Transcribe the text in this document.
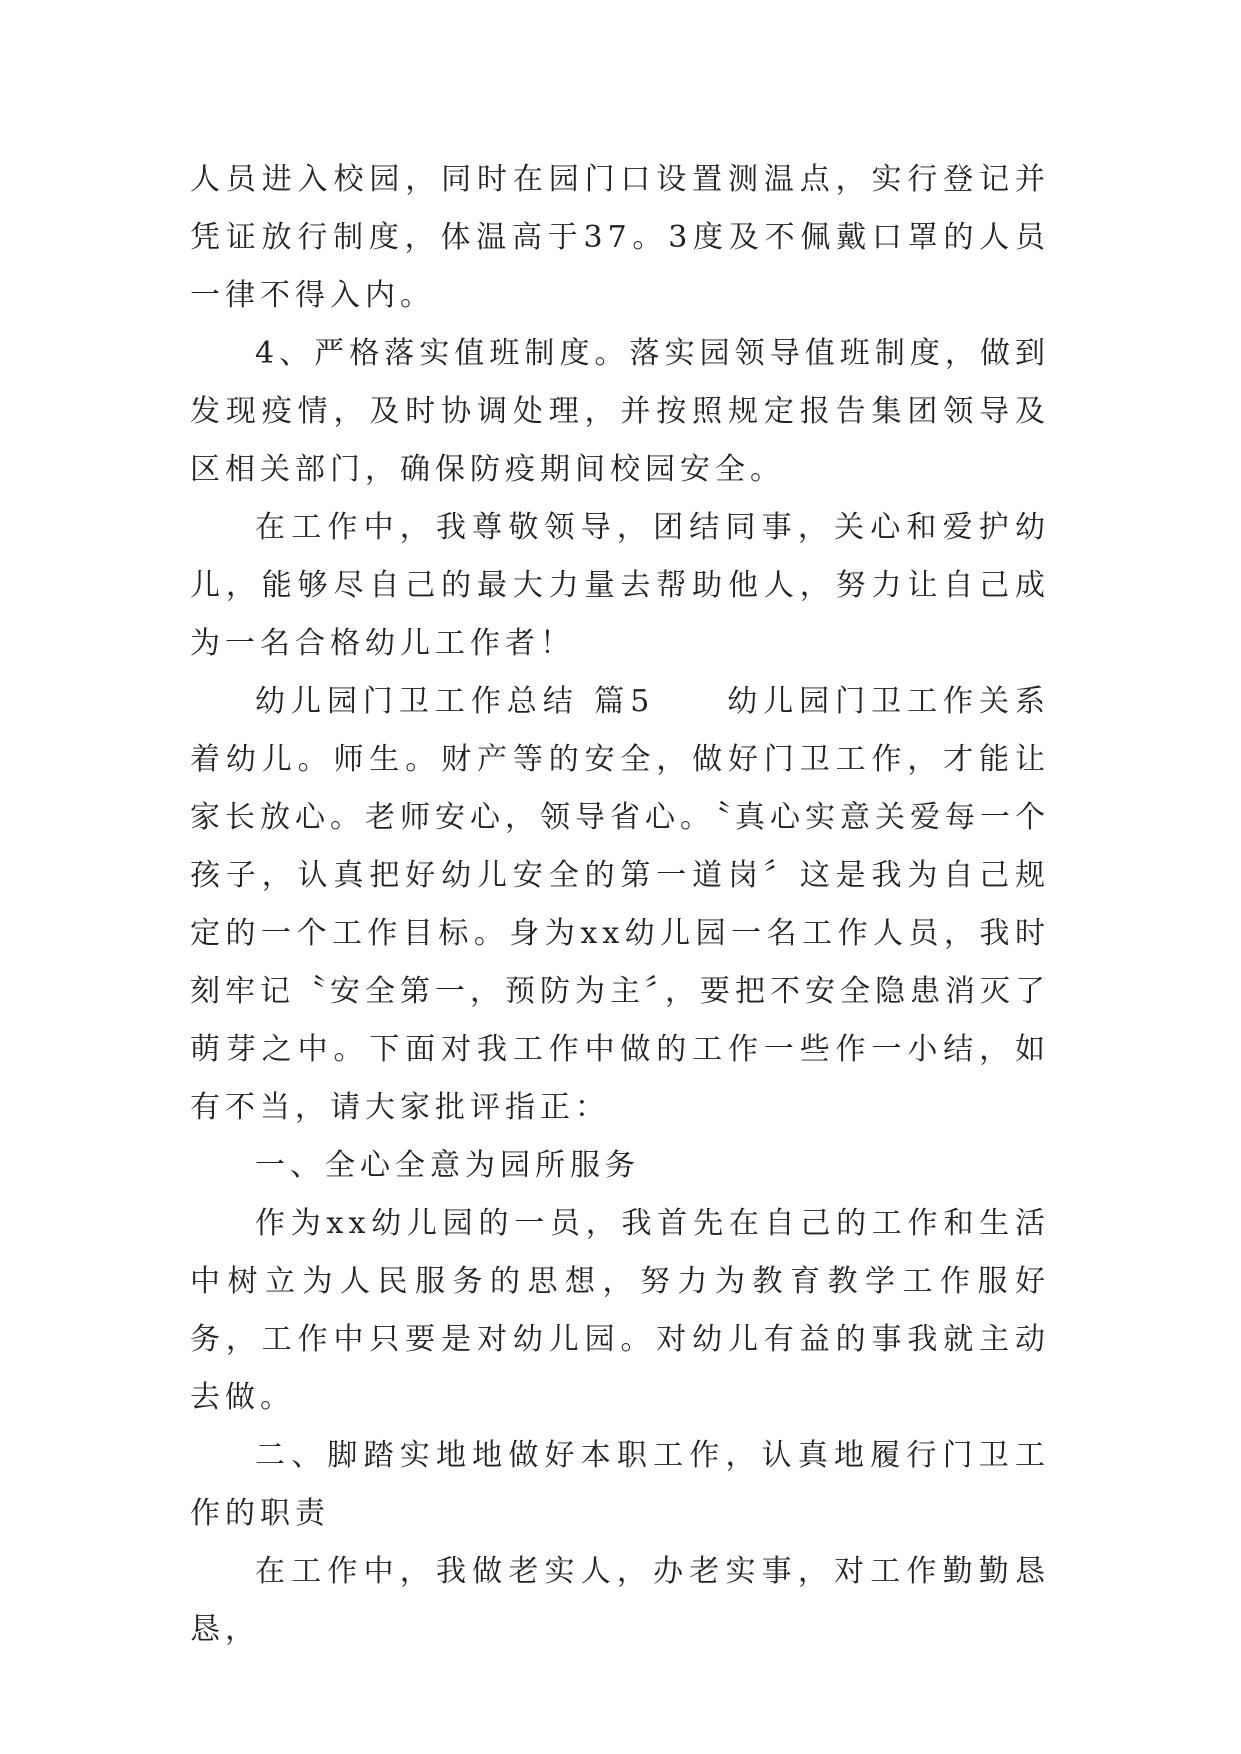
人员进入校园，同时在园门口设置测温点，实行登记并凭证放行制度，体温高于37。3度及不佩戴口罩的人员一律不得入内。

4、严格落实值班制度。落实园领导值班制度，做到发现疫情，及时协调处理，并按照规定报告集团领导及区相关部门，确保防疫期间校园安全。

在工作中，我尊敬领导，团结同事，关心和爱护幼儿，能够尽自己的最大力量去帮助他人，努力让自己成为一名合格幼儿工作者！

幼儿园门卫工作总结 篇5　　幼儿园门卫工作关系着幼儿。师生。财产等的安全，做好门卫工作，才能让家长放心。老师安心，领导省心。〝真心实意关爱每一个孩子，认真把好幼儿安全的第一道岗〞这是我为自己规定的一个工作目标。身为xx幼儿园一名工作人员，我时刻牢记〝安全第一，预防为主〞，要把不安全隐患消灭了萌芽之中。下面对我工作中做的工作一些作一小结，如有不当，请大家批评指正：

一、全心全意为园所服务

作为xx幼儿园的一员，我首先在自己的工作和生活中树立为人民服务的思想，努力为教育教学工作服好务，工作中只要是对幼儿园。对幼儿有益的事我就主动去做。

二、脚踏实地地做好本职工作，认真地履行门卫工作的职责

在工作中，我做老实人，办老实事，对工作勤勤恳恳，
